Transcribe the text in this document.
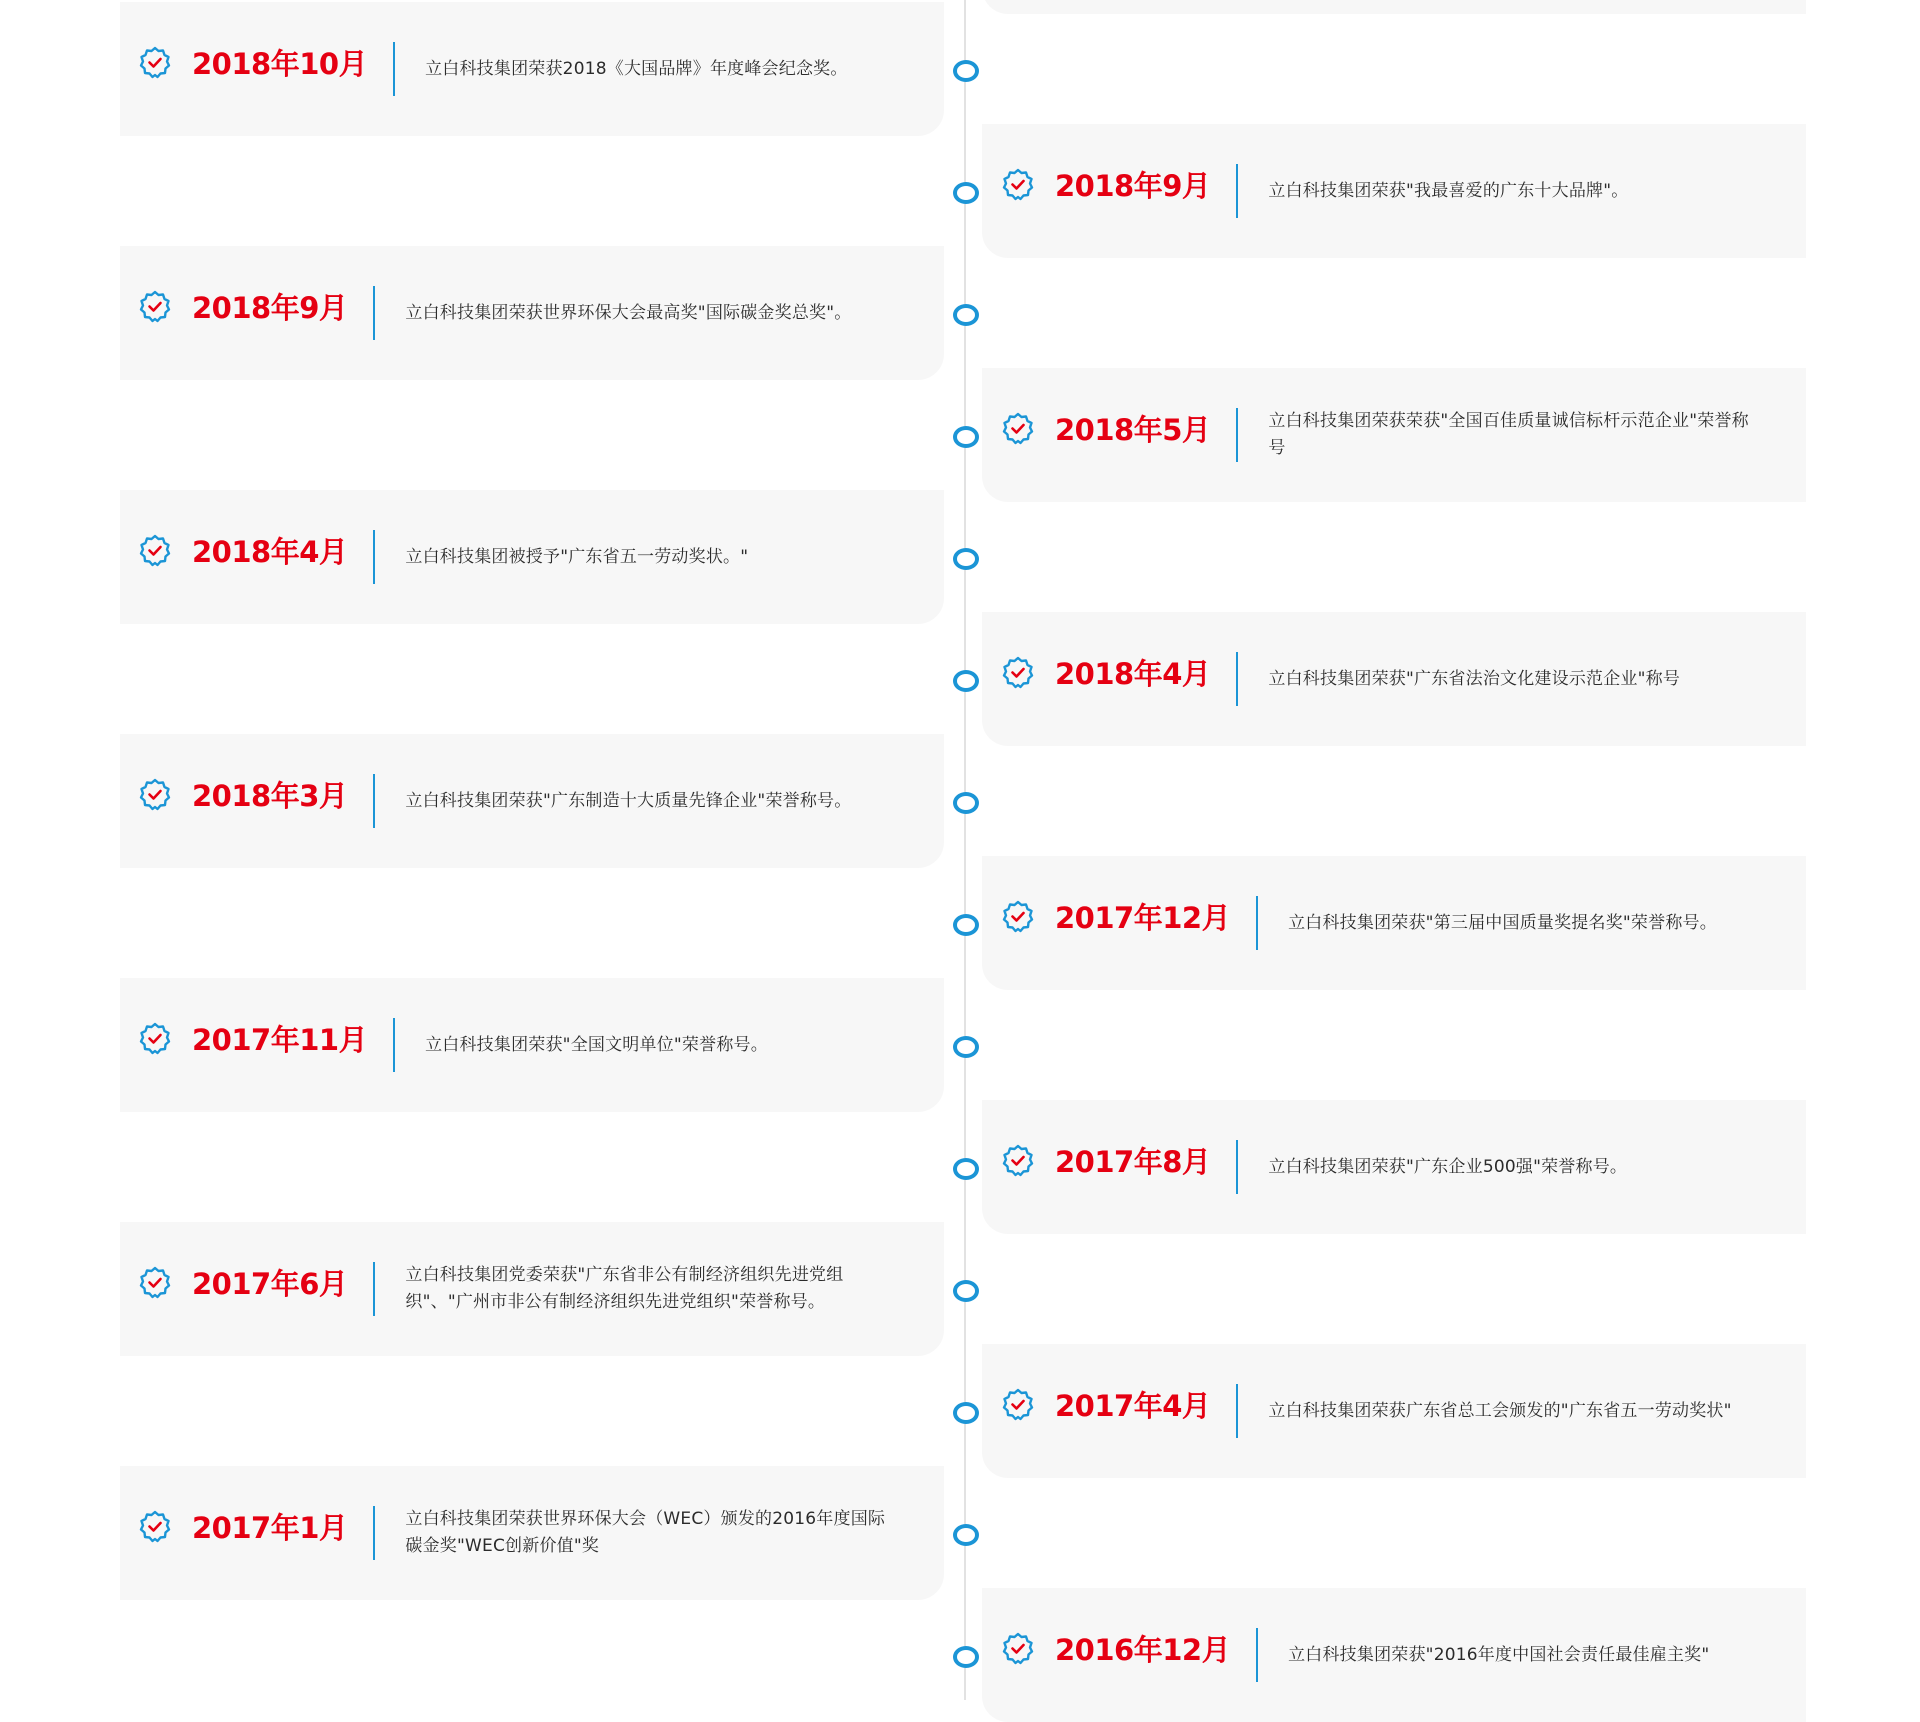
2018年10月	立白科技集团荣获2018《大国品牌》年度峰会纪念奖。
2018年9月	立白科技集团荣获"我最喜爱的广东十大品牌"。
2018年9月	立白科技集团荣获世界环保大会最高奖"国际碳金奖总奖"。
2018年5月	立白科技集团荣获荣获"全国百佳质量诚信标杆示范企业"荣誉称号
2018年4月	立白科技集团被授予"广东省五一劳动奖状。"
2018年4月	立白科技集团荣获"广东省法治文化建设示范企业"称号
2018年3月	立白科技集团荣获"广东制造十大质量先锋企业"荣誉称号。
2017年12月	立白科技集团荣获"第三届中国质量奖提名奖"荣誉称号。
2017年11月	立白科技集团荣获"全国文明单位"荣誉称号。
2017年8月	立白科技集团荣获"广东企业500强"荣誉称号。
2017年6月	立白科技集团党委荣获"广东省非公有制经济组织先进党组织"、"广州市非公有制经济组织先进党组织"荣誉称号。
2017年4月	立白科技集团荣获广东省总工会颁发的"广东省五一劳动奖状"
2017年1月	立白科技集团荣获世界环保大会（WEC）颁发的2016年度国际碳金奖"WEC创新价值"奖
2016年12月	立白科技集团荣获"2016年度中国社会责任最佳雇主奖"
